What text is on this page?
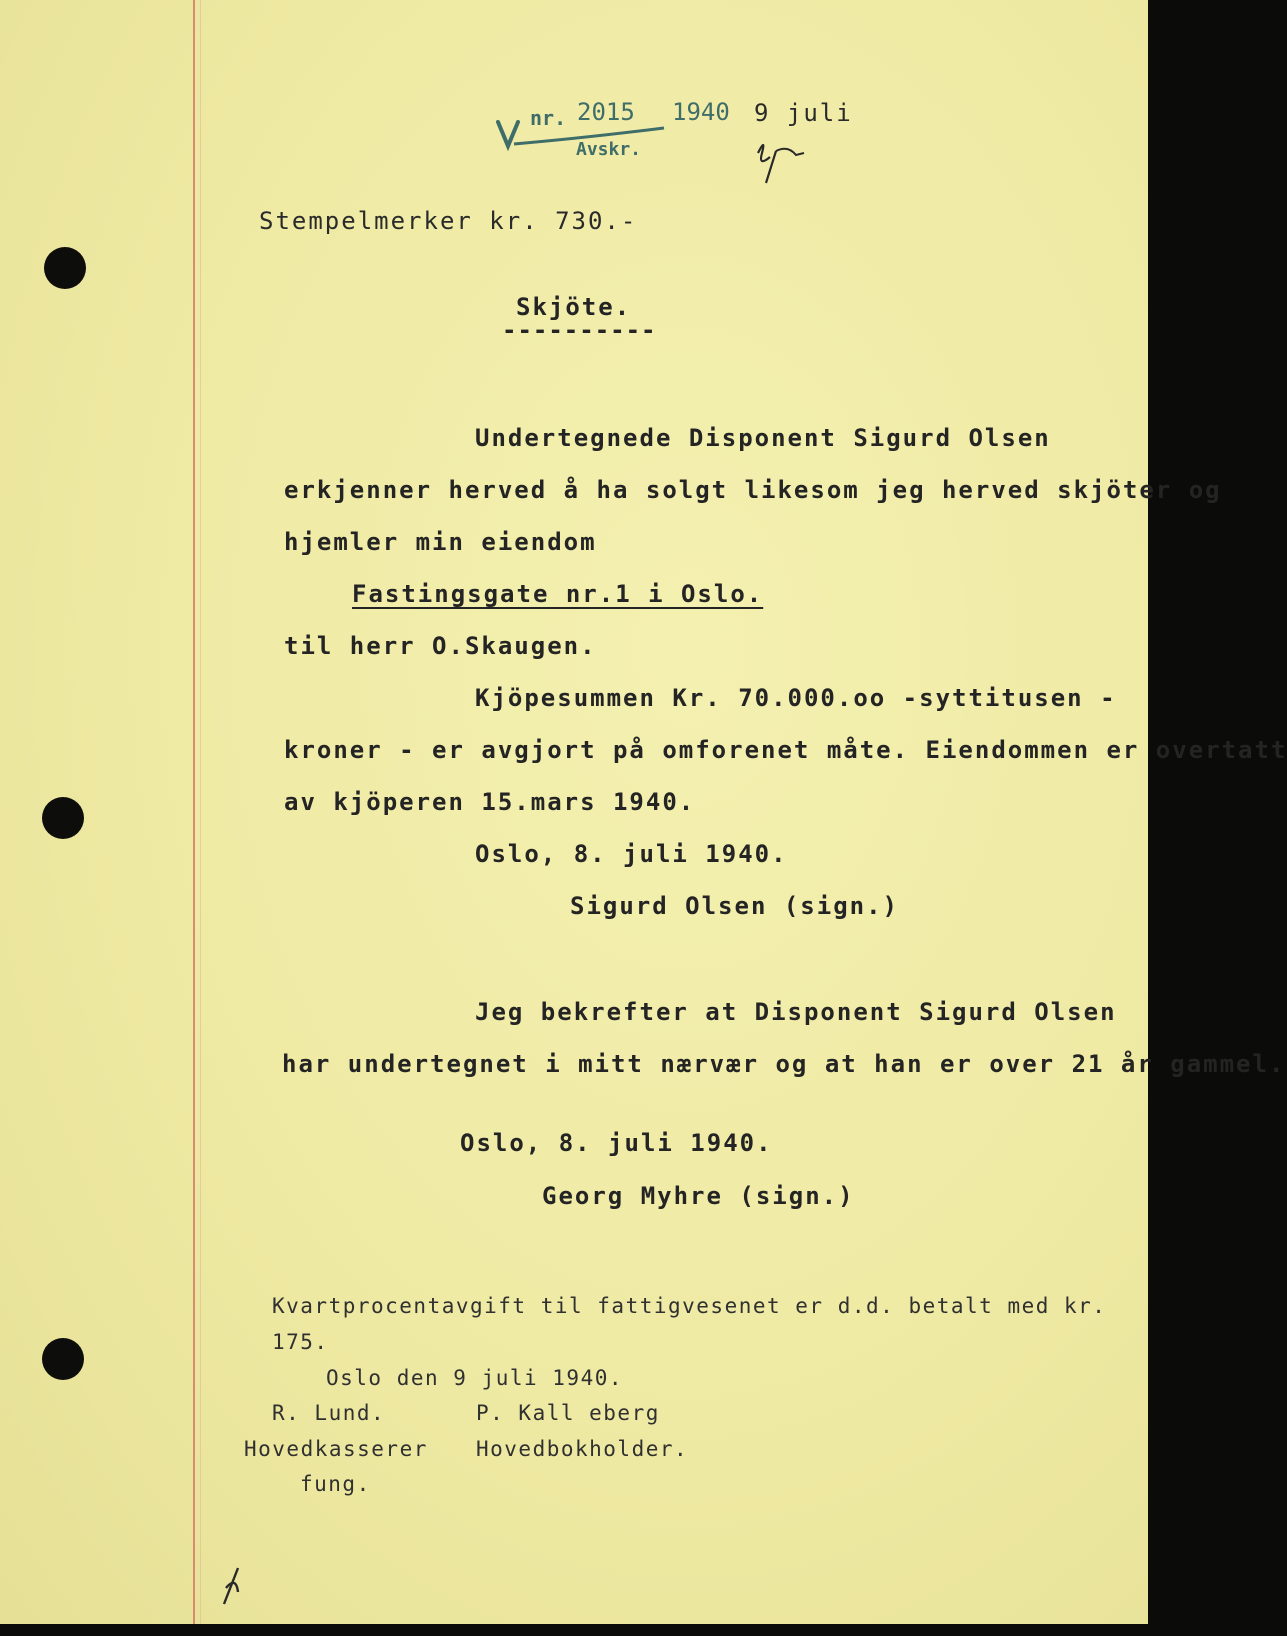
nr. 2015 1940 9 juli
Avskr.
Stempelmerker kr. 730.-
Skjöte.
----------
Undertegnede Disponent Sigurd Olsen
erkjenner herved å ha solgt likesom jeg herved skjöter og
hjemler min eiendom
Fastingsgate nr.1 i Oslo.
til herr O.Skaugen.
Kjöpesummen Kr. 70.000.oo -syttitusen -
kroner - er avgjort på omforenet måte. Eiendommen er overtatt
av kjöperen 15.mars 1940.
Oslo, 8. juli 1940.
Sigurd Olsen (sign.)
Jeg bekrefter at Disponent Sigurd Olsen
har undertegnet i mitt nærvær og at han er over 21 år gammel.
Oslo, 8. juli 1940.
Georg Myhre (sign.)
Kvartprocentavgift til fattigvesenet er d.d. betalt med kr.
175.
Oslo den 9 juli 1940.
R. Lund.	P. Kall eberg
Hovedkasserer Hovedbokholder.
fung.
